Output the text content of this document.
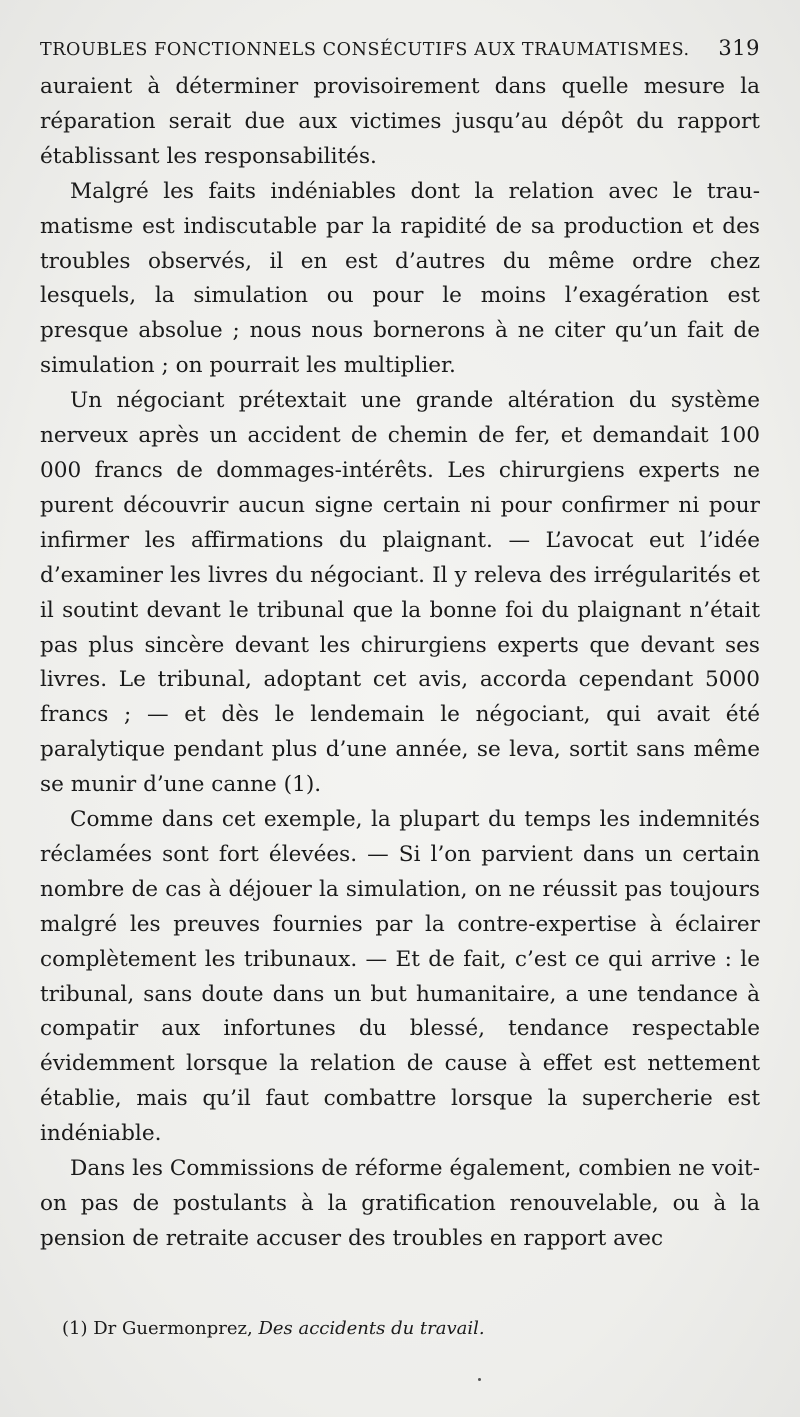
TROUBLES FONCTIONNELS CONSÉCUTIFS AUX TRAUMATISMES. 319

auraient à déterminer provisoirement dans quelle mesure la réparation serait due aux victimes jusqu’au dépôt du rapport établissant les responsabilités.

Malgré les faits indéniables dont la relation avec le traumatisme est indiscutable par la rapidité de sa production et des troubles observés, il en est d’autres du même ordre chez lesquels, la simulation ou pour le moins l’exagération est presque absolue ; nous nous bornerons à ne citer qu’un fait de simulation ; on pourrait les multiplier.

Un négociant prétextait une grande altération du système nerveux après un accident de chemin de fer, et demandait 100 000 francs de dommages-intérêts. Les chirurgiens experts ne purent découvrir aucun signe certain ni pour confirmer ni pour infirmer les affirmations du plaignant. — L’avocat eut l’idée d’examiner les livres du négociant. Il y releva des irrégularités et il soutint devant le tribunal que la bonne foi du plaignant n’était pas plus sincère devant les chirurgiens experts que devant ses livres. Le tribunal, adoptant cet avis, accorda cependant 5000 francs ; — et dès le lendemain le négociant, qui avait été paralytique pendant plus d’une année, se leva, sortit sans même se munir d’une canne (1).

Comme dans cet exemple, la plupart du temps les indemnités réclamées sont fort élevées. — Si l’on parvient dans un certain nombre de cas à déjouer la simulation, on ne réussit pas toujours malgré les preuves fournies par la contre-expertise à éclairer complètement les tribunaux. — Et de fait, c’est ce qui arrive : le tribunal, sans doute dans un but humanitaire, a une tendance à compatir aux infortunes du blessé, tendance respectable évidemment lorsque la relation de cause à effet est nettement établie, mais qu’il faut combattre lorsque la supercherie est indéniable.

Dans les Commissions de réforme également, combien ne voit-on pas de postulants à la gratification renouvelable, ou à la pension de retraite accuser des troubles en rapport avec

(1) Dr Guermonprez, Des accidents du travail.
